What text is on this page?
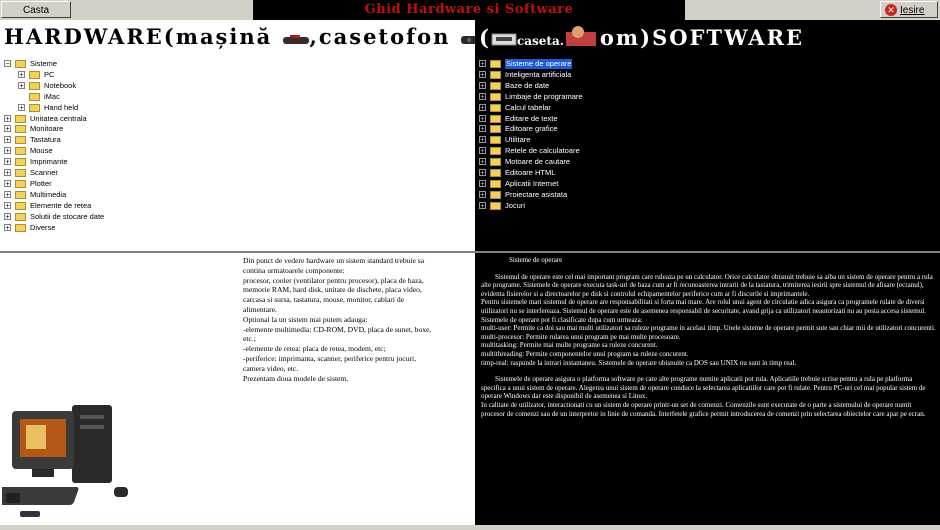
Casta	Ghid Hardware si Software	✕ Iesire
HARDWARE(mașină ,casetofon	( caseta. om)SOFTWARE
−	Sisteme
+	PC
+	Notebook
iMac
+	Hand held
+	Unitatea centrala
+	Monitoare
+	Tastatura
+	Mouse
+	Imprimante
+	Scanner
+	Plotter
+	Multimedia
+	Elemente de retea
+	Solutii de stocare date
+	Diverse
+	Sisteme de operare
+	Inteligenta artificiala
+	Baze de date
+	Limbaje de programare
+	Calcul tabelar
+	Editare de texte
+	Editoare grafice
+	Utilitare
+	Retele de calculatoare
+	Motoare de cautare
+	Editoare HTML
+	Aplicatii Internet
+	Proiectare asistata
+	Jocuri
Din punct de vedere hardware un sistem standard trebuie sa
contina urmatoarele componente:
procesor, cooler (ventilator pentru procesor), placa de baza,
memorie RAM, hard disk, unitate de dischete, placa video,
carcasa si sursa, tastatura, mouse, monitor, cablari de
alimentare.
Optional la un sistem mai putem adauga:
-elemente multimedia: CD-ROM, DVD, placa de sunet, boxe,
etc.;
-elemente de retea: placa de retea, modem, etc;
-periferice: imprimanta, scanner, periferice pentru jocuri,
camera video, etc.
Prezentam doua modele de sistem.
Sisteme de operare
Sistemul de operare este cel mai important program care ruleaza pe un calculator. Orice calculator obisnuit trebuie sa aiba un sistem de operare pentru a rula alte programe. Sistemele de operare executa task-uri de baza cum ar fi recunoasterea intrarii de la tastatura, trimiterea iesirii spre sistemul de afisare (ecranul), evidenta fisierelor si a directoarelor pe disk si controlul echipamentelor periferice cum ar fi discurile si imprimantele.
Pentru sistemele mari sistemul de operare are responsabilitati si forta mai mare. Are rolul unui agent de circulatie adica asigura ca programele rulate de diversi utilizatori nu se interfereaza. Sistemul de operare este de asemenea responsabil de securitate, avand grija ca utilizatori neautorizati nu au posta accesa sistemul.
Sistemele de operare pot fi clasificate dupa cum urmeaza:
multi-user: Permite ca doi sau mai multi utilizatori sa ruleze programe in acelasi timp. Unele sisteme de operare permit sute sau chiar mii de utilizatori concurenti.
multi-procesor: Permite rularea unui program pe mai multe procesoare.
multitasking: Permite mai multe programe sa ruleze concurent.
multithreading: Permite componentelor unui program sa ruleze concurent.
timp-real: raspunde la intrari instantaneu. Sistemele de operare obisnuite ca DOS sau UNIX nu sunt in timp real.
Sistemele de operare asigura o platforma software pe care alte programe numite aplicatii pot rula. Aplicatiile trebuie scrise pentru a rula pe platforma specifica a unui sistem de operare. Alegerea unui sistem de operare conduce la selectarea aplicatiilor care pot fi rulate. Pentru PC-uri cel mai popular sistem de operare Windows dar este disponibil de asemenea si Linux.
In calitate de utilizator, interactionati cu un sistem de operare printr-un set de comenzi. Comenzile sunt executate de o parte a sistemului de operare numit procesor de comenzi sau de un interpretor in linie de comanda. Interfetele grafice permit introducerea de comenzi prin selectarea obiectelor care apar pe ecran.
